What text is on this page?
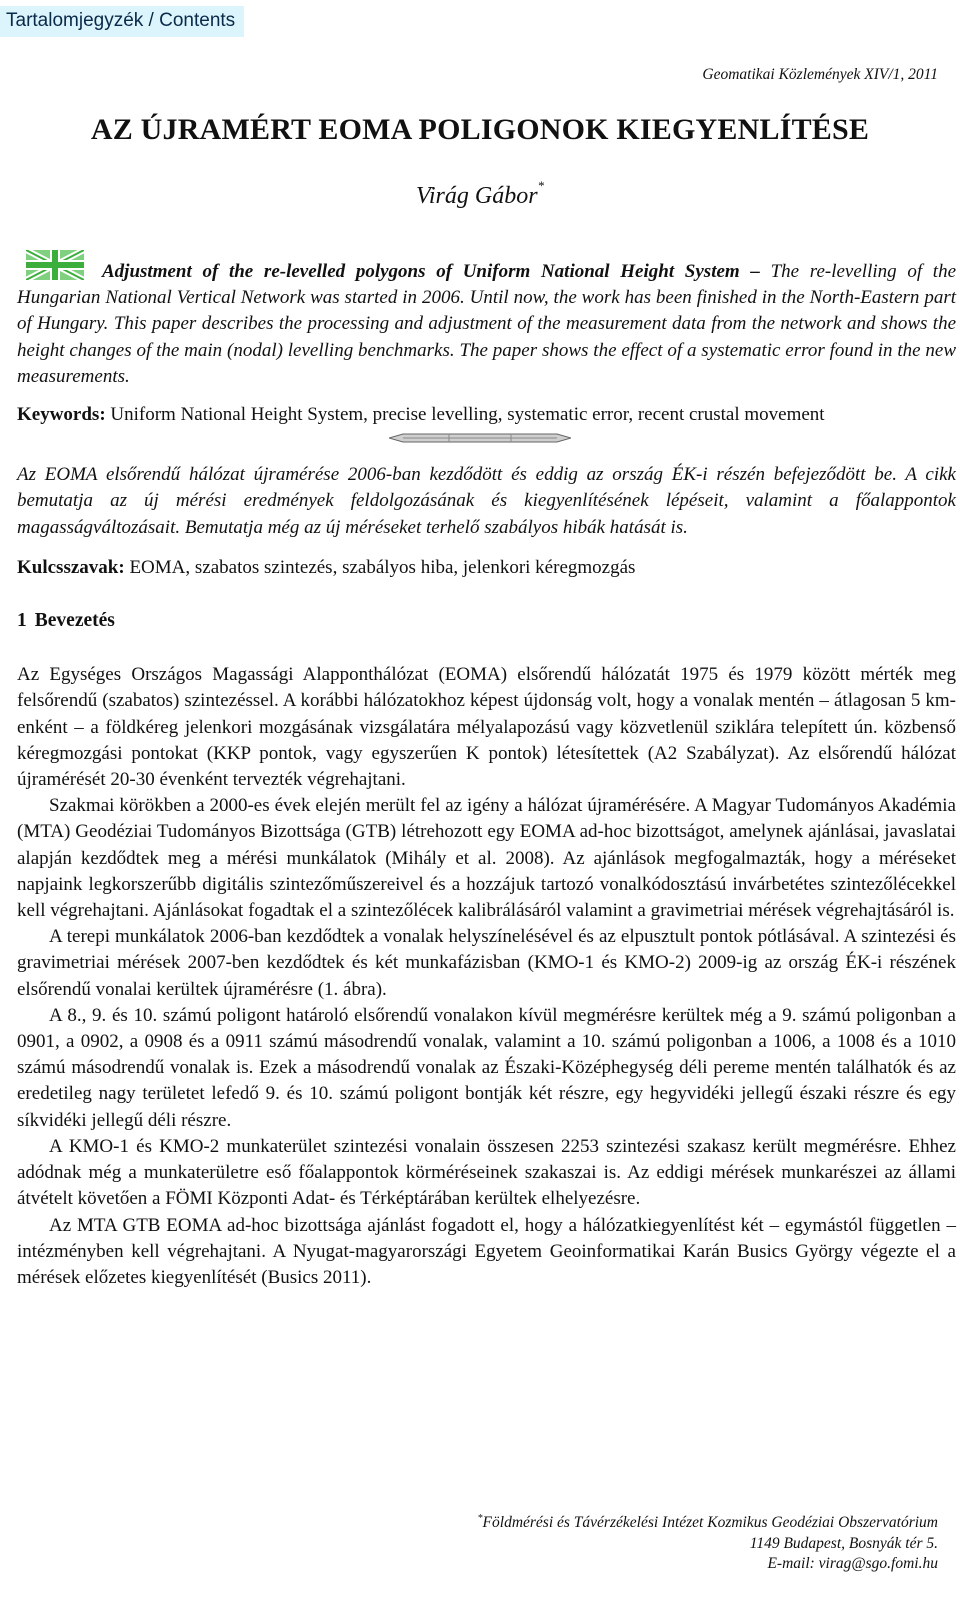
Tartalomjegyzék / Contents
Geomatikai Közlemények XIV/1, 2011
AZ ÚJRAMÉRT EOMA POLIGONOK KIEGYENLÍTÉSE
Virág Gábor*

Adjustment of the re-levelled polygons of Uniform National Height System – The re-levelling of the Hungarian National Vertical Network was started in 2006. Until now, the work has been finished in the North-Eastern part of Hungary. This paper describes the processing and adjustment of the measurement data from the network and shows the height changes of the main (nodal) levelling benchmarks. The paper shows the effect of a systematic error found in the new measurements.

Keywords: Uniform National Height System, precise levelling, systematic error, recent crustal movement

Az EOMA elsőrendű hálózat újramérése 2006-ban kezdődött és eddig az ország ÉK-i részén befejeződött be. A cikk bemutatja az új mérési eredmények feldolgozásának és kiegyenlítésének lépéseit, valamint a főalappontok magasságváltozásait. Bemutatja még az új méréseket terhelő szabályos hibák hatását is.

Kulcsszavak: EOMA, szabatos szintezés, szabályos hiba, jelenkori kéregmozgás

1 Bevezetés

Az Egységes Országos Magassági Alapponthálózat (EOMA) elsőrendű hálózatát 1975 és 1979 között mérték meg felsőrendű (szabatos) szintezéssel. A korábbi hálózatokhoz képest újdonság volt, hogy a vonalak mentén – átlagosan 5 km-enként – a földkéreg jelenkori mozgásának vizsgálatára mélyalapozású vagy közvetlenül sziklára telepített ún. közbenső kéregmozgási pontokat (KKP pontok, vagy egyszerűen K pontok) létesítettek (A2 Szabályzat). Az elsőrendű hálózat újramérését 20-30 évenként tervezték végrehajtani.

Szakmai körökben a 2000-es évek elején merült fel az igény a hálózat újramérésére. A Magyar Tudományos Akadémia (MTA) Geodéziai Tudományos Bizottsága (GTB) létrehozott egy EOMA ad-hoc bizottságot, amelynek ajánlásai, javaslatai alapján kezdődtek meg a mérési munkálatok (Mihály et al. 2008). Az ajánlások megfogalmazták, hogy a méréseket napjaink legkorszerűbb digitális szintezőműszereivel és a hozzájuk tartozó vonalkódosztású invárbetétes szintezőlécekkel kell végrehajtani. Ajánlásokat fogadtak el a szintezőlécek kalibrálásáról valamint a gravimetriai mérések végrehajtásáról is.

A terepi munkálatok 2006-ban kezdődtek a vonalak helyszínelésével és az elpusztult pontok pótlásával. A szintezési és gravimetriai mérések 2007-ben kezdődtek és két munkafázisban (KMO-1 és KMO-2) 2009-ig az ország ÉK-i részének elsőrendű vonalai kerültek újramérésre (1. ábra).

A 8., 9. és 10. számú poligont határoló elsőrendű vonalakon kívül megmérésre kerültek még a 9. számú poligonban a 0901, a 0902, a 0908 és a 0911 számú másodrendű vonalak, valamint a 10. számú poligonban a 1006, a 1008 és a 1010 számú másodrendű vonalak is. Ezek a másodrendű vonalak az Északi-Középhegység déli pereme mentén találhatók és az eredetileg nagy területet lefedő 9. és 10. számú poligont bontják két részre, egy hegyvidéki jellegű északi részre és egy síkvidéki jellegű déli részre.

A KMO-1 és KMO-2 munkaterület szintezési vonalain összesen 2253 szintezési szakasz került megmérésre. Ehhez adódnak még a munkaterületre eső főalappontok körméréseinek szakaszai is. Az eddigi mérések munkarészei az állami átvételt követően a FÖMI Központi Adat- és Térképtárában kerültek elhelyezésre.

Az MTA GTB EOMA ad-hoc bizottsága ajánlást fogadott el, hogy a hálózatkiegyenlítést két – egymástól független – intézményben kell végrehajtani. A Nyugat-magyarországi Egyetem Geoinformatikai Karán Busics György végezte el a mérések előzetes kiegyenlítését (Busics 2011).

*Földmérési és Távérzékelési Intézet Kozmikus Geodéziai Obszervatórium
1149 Budapest, Bosnyák tér 5.
E-mail: virag@sgo.fomi.hu
